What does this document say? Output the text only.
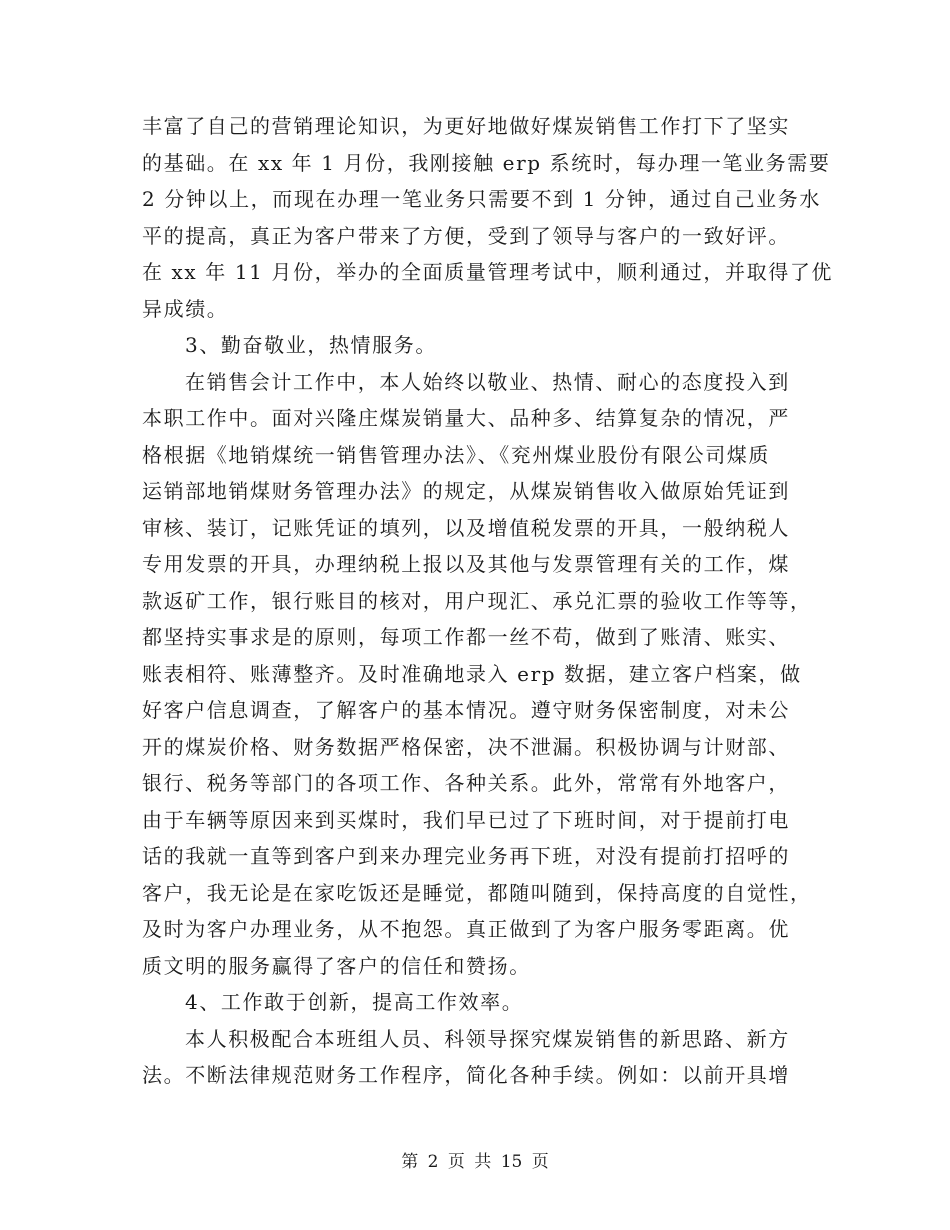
丰富了自己的营销理论知识，为更好地做好煤炭销售工作打下了坚实
的基础。在 xx 年 1 月份，我刚接触 erp 系统时，每办理一笔业务需要
2 分钟以上，而现在办理一笔业务只需要不到 1 分钟，通过自己业务水
平的提高，真正为客户带来了方便，受到了领导与客户的一致好评。
在 xx 年 11 月份，举办的全面质量管理考试中，顺利通过，并取得了优
异成绩。
3、勤奋敬业，热情服务。
在销售会计工作中，本人始终以敬业、热情、耐心的态度投入到
本职工作中。面对兴隆庄煤炭销量大、品种多、结算复杂的情况，严
格根据《地销煤统一销售管理办法》、《兖州煤业股份有限公司煤质
运销部地销煤财务管理办法》的规定，从煤炭销售收入做原始凭证到
审核、装订，记账凭证的填列，以及增值税发票的开具，一般纳税人
专用发票的开具，办理纳税上报以及其他与发票管理有关的工作，煤
款返矿工作，银行账目的核对，用户现汇、承兑汇票的验收工作等等，
都坚持实事求是的原则，每项工作都一丝不苟，做到了账清、账实、
账表相符、账薄整齐。及时准确地录入 erp 数据，建立客户档案，做
好客户信息调查，了解客户的基本情况。遵守财务保密制度，对未公
开的煤炭价格、财务数据严格保密，决不泄漏。积极协调与计财部、
银行、税务等部门的各项工作、各种关系。此外，常常有外地客户，
由于车辆等原因来到买煤时，我们早已过了下班时间，对于提前打电
话的我就一直等到客户到来办理完业务再下班，对没有提前打招呼的
客户，我无论是在家吃饭还是睡觉，都随叫随到，保持高度的自觉性，
及时为客户办理业务，从不抱怨。真正做到了为客户服务零距离。优
质文明的服务赢得了客户的信任和赞扬。
4、工作敢于创新，提高工作效率。
本人积极配合本班组人员、科领导探究煤炭销售的新思路、新方
法。不断法律规范财务工作程序，简化各种手续。例如：以前开具增
第 2 页 共 15 页
